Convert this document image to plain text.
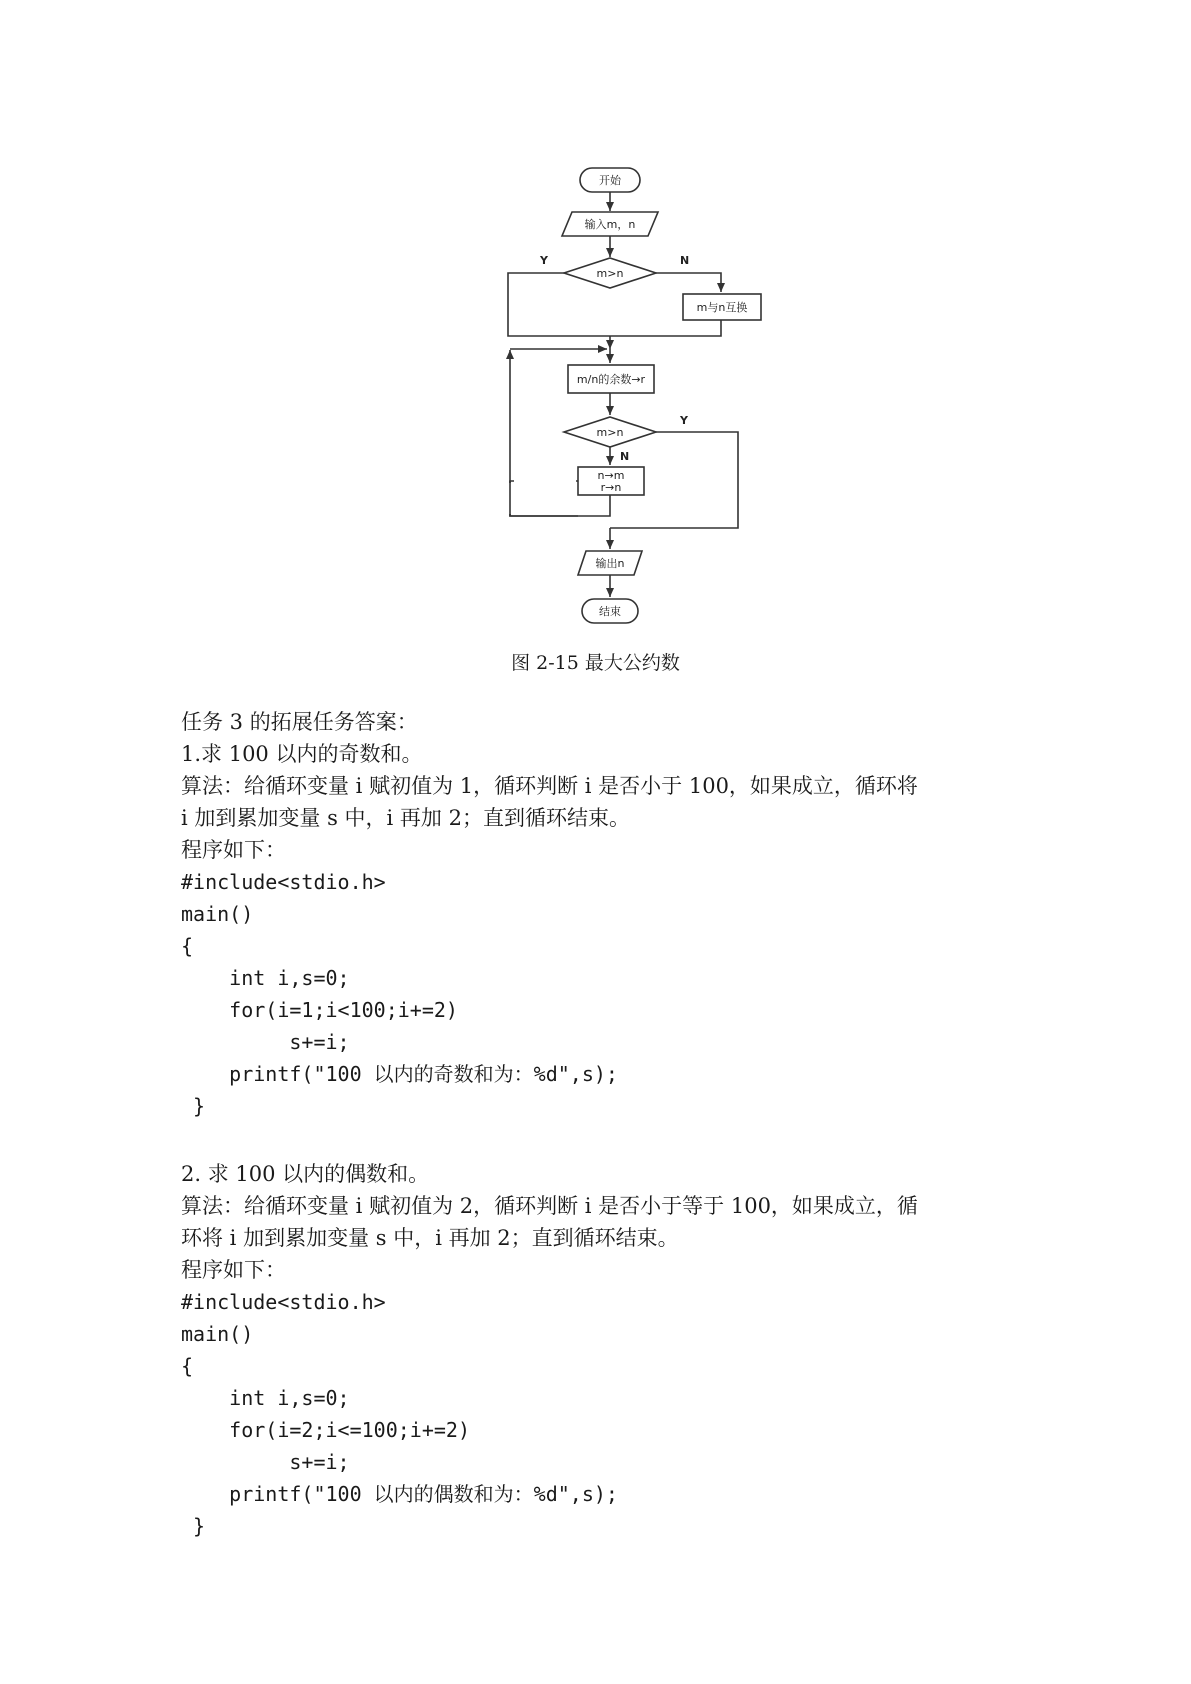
开始
输入m，n
m>n
Y	N
m与n互换
m/n的余数→r
m>n
Y
N
n→m
r→n
输出n
结束
图 2-15 最大公约数
任务 3 的拓展任务答案：
1.求 100 以内的奇数和。
算法：给循环变量 i 赋初值为 1，循环判断 i 是否小于 100，如果成立，循环将
i 加到累加变量 s 中，i 再加 2；直到循环结束。
程序如下：
#include<stdio.h>
main()
{
int i,s=0;
for(i=1;i<100;i+=2)
s+=i;
printf("100 以内的奇数和为：%d",s);
}
2. 求 100 以内的偶数和。
算法：给循环变量 i 赋初值为 2，循环判断 i 是否小于等于 100，如果成立，循
环将 i 加到累加变量 s 中，i 再加 2；直到循环结束。
程序如下：
#include<stdio.h>
main()
{
int i,s=0;
for(i=2;i<=100;i+=2)
s+=i;
printf("100 以内的偶数和为：%d",s);
}
